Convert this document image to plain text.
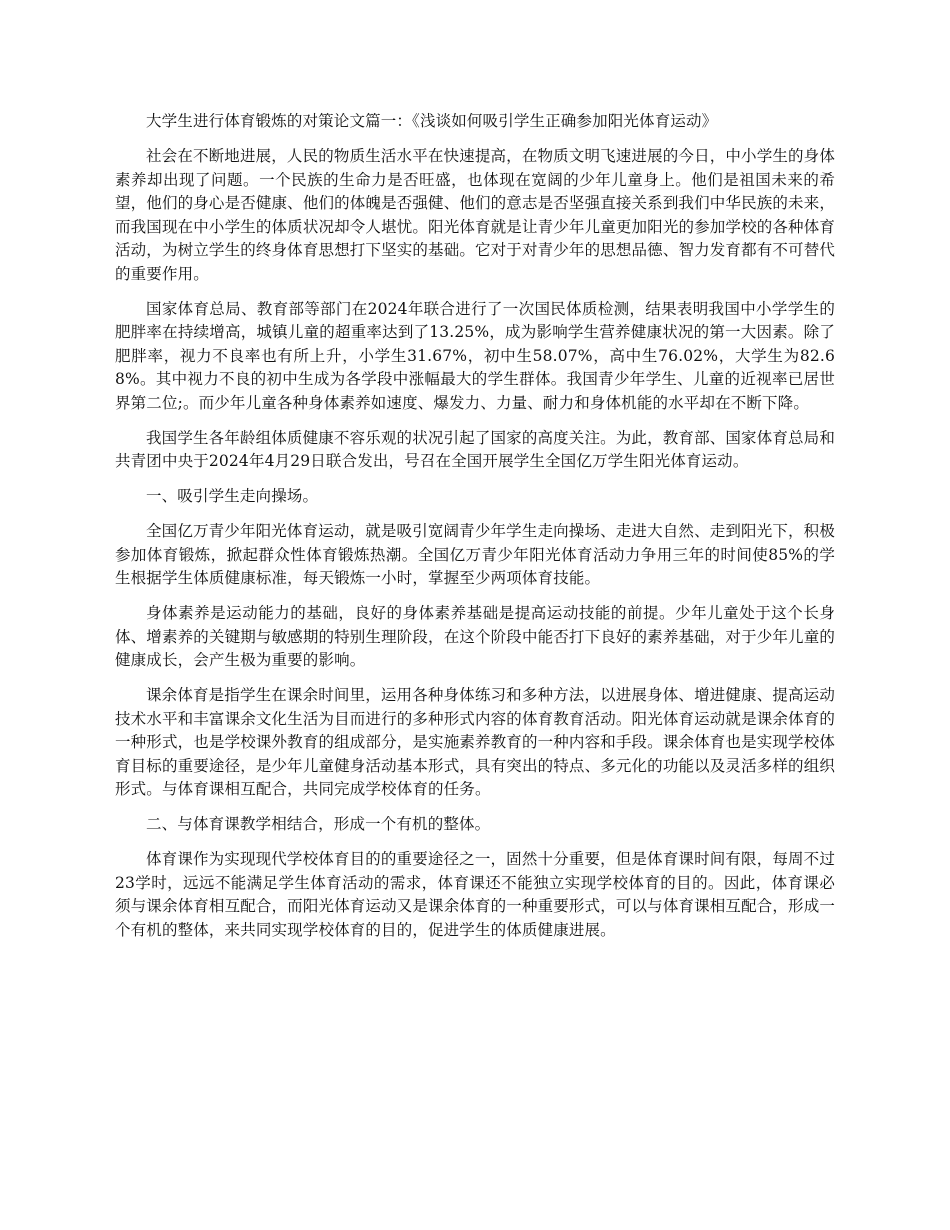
大学生进行体育锻炼的对策论文篇一：《浅谈如何吸引学生正确参加阳光体育运动》

社会在不断地进展，人民的物质生活水平在快速提高，在物质文明飞速进展的今日，中小学生的身体素养却出现了问题。一个民族的生命力是否旺盛，也体现在宽阔的少年儿童身上。他们是祖国未来的希望，他们的身心是否健康、他们的体魄是否强健、他们的意志是否坚强直接关系到我们中华民族的未来，而我国现在中小学生的体质状况却令人堪忧。阳光体育就是让青少年儿童更加阳光的参加学校的各种体育活动，为树立学生的终身体育思想打下坚实的基础。它对于对青少年的思想品德、智力发育都有不可替代的重要作用。

国家体育总局、教育部等部门在2024年联合进行了一次国民体质检测，结果表明我国中小学学生的肥胖率在持续增高，城镇儿童的超重率达到了13.25%，成为影响学生营养健康状况的第一大因素。除了肥胖率，视力不良率也有所上升，小学生31.67%，初中生58.07%，高中生76.02%，大学生为82.68%。其中视力不良的初中生成为各学段中涨幅最大的学生群体。我国青少年学生、儿童的近视率已居世界第二位;。而少年儿童各种身体素养如速度、爆发力、力量、耐力和身体机能的水平却在不断下降。

我国学生各年龄组体质健康不容乐观的状况引起了国家的高度关注。为此，教育部、国家体育总局和共青团中央于2024年4月29日联合发出，号召在全国开展学生全国亿万学生阳光体育运动。

一、吸引学生走向操场。

全国亿万青少年阳光体育运动，就是吸引宽阔青少年学生走向操场、走进大自然、走到阳光下，积极参加体育锻炼，掀起群众性体育锻炼热潮。全国亿万青少年阳光体育活动力争用三年的时间使85%的学生根据学生体质健康标准，每天锻炼一小时，掌握至少两项体育技能。

身体素养是运动能力的基础，良好的身体素养基础是提高运动技能的前提。少年儿童处于这个长身体、增素养的关键期与敏感期的特别生理阶段，在这个阶段中能否打下良好的素养基础，对于少年儿童的健康成长，会产生极为重要的影响。

课余体育是指学生在课余时间里，运用各种身体练习和多种方法，以进展身体、增进健康、提高运动技术水平和丰富课余文化生活为目而进行的多种形式内容的体育教育活动。阳光体育运动就是课余体育的一种形式，也是学校课外教育的组成部分，是实施素养教育的一种内容和手段。课余体育也是实现学校体育目标的重要途径，是少年儿童健身活动基本形式，具有突出的特点、多元化的功能以及灵活多样的组织形式。与体育课相互配合，共同完成学校体育的任务。

二、与体育课教学相结合，形成一个有机的整体。

体育课作为实现现代学校体育目的的重要途径之一，固然十分重要，但是体育课时间有限，每周不过23学时，远远不能满足学生体育活动的需求，体育课还不能独立实现学校体育的目的。因此，体育课必须与课余体育相互配合，而阳光体育运动又是课余体育的一种重要形式，可以与体育课相互配合，形成一个有机的整体，来共同实现学校体育的目的，促进学生的体质健康进展。
